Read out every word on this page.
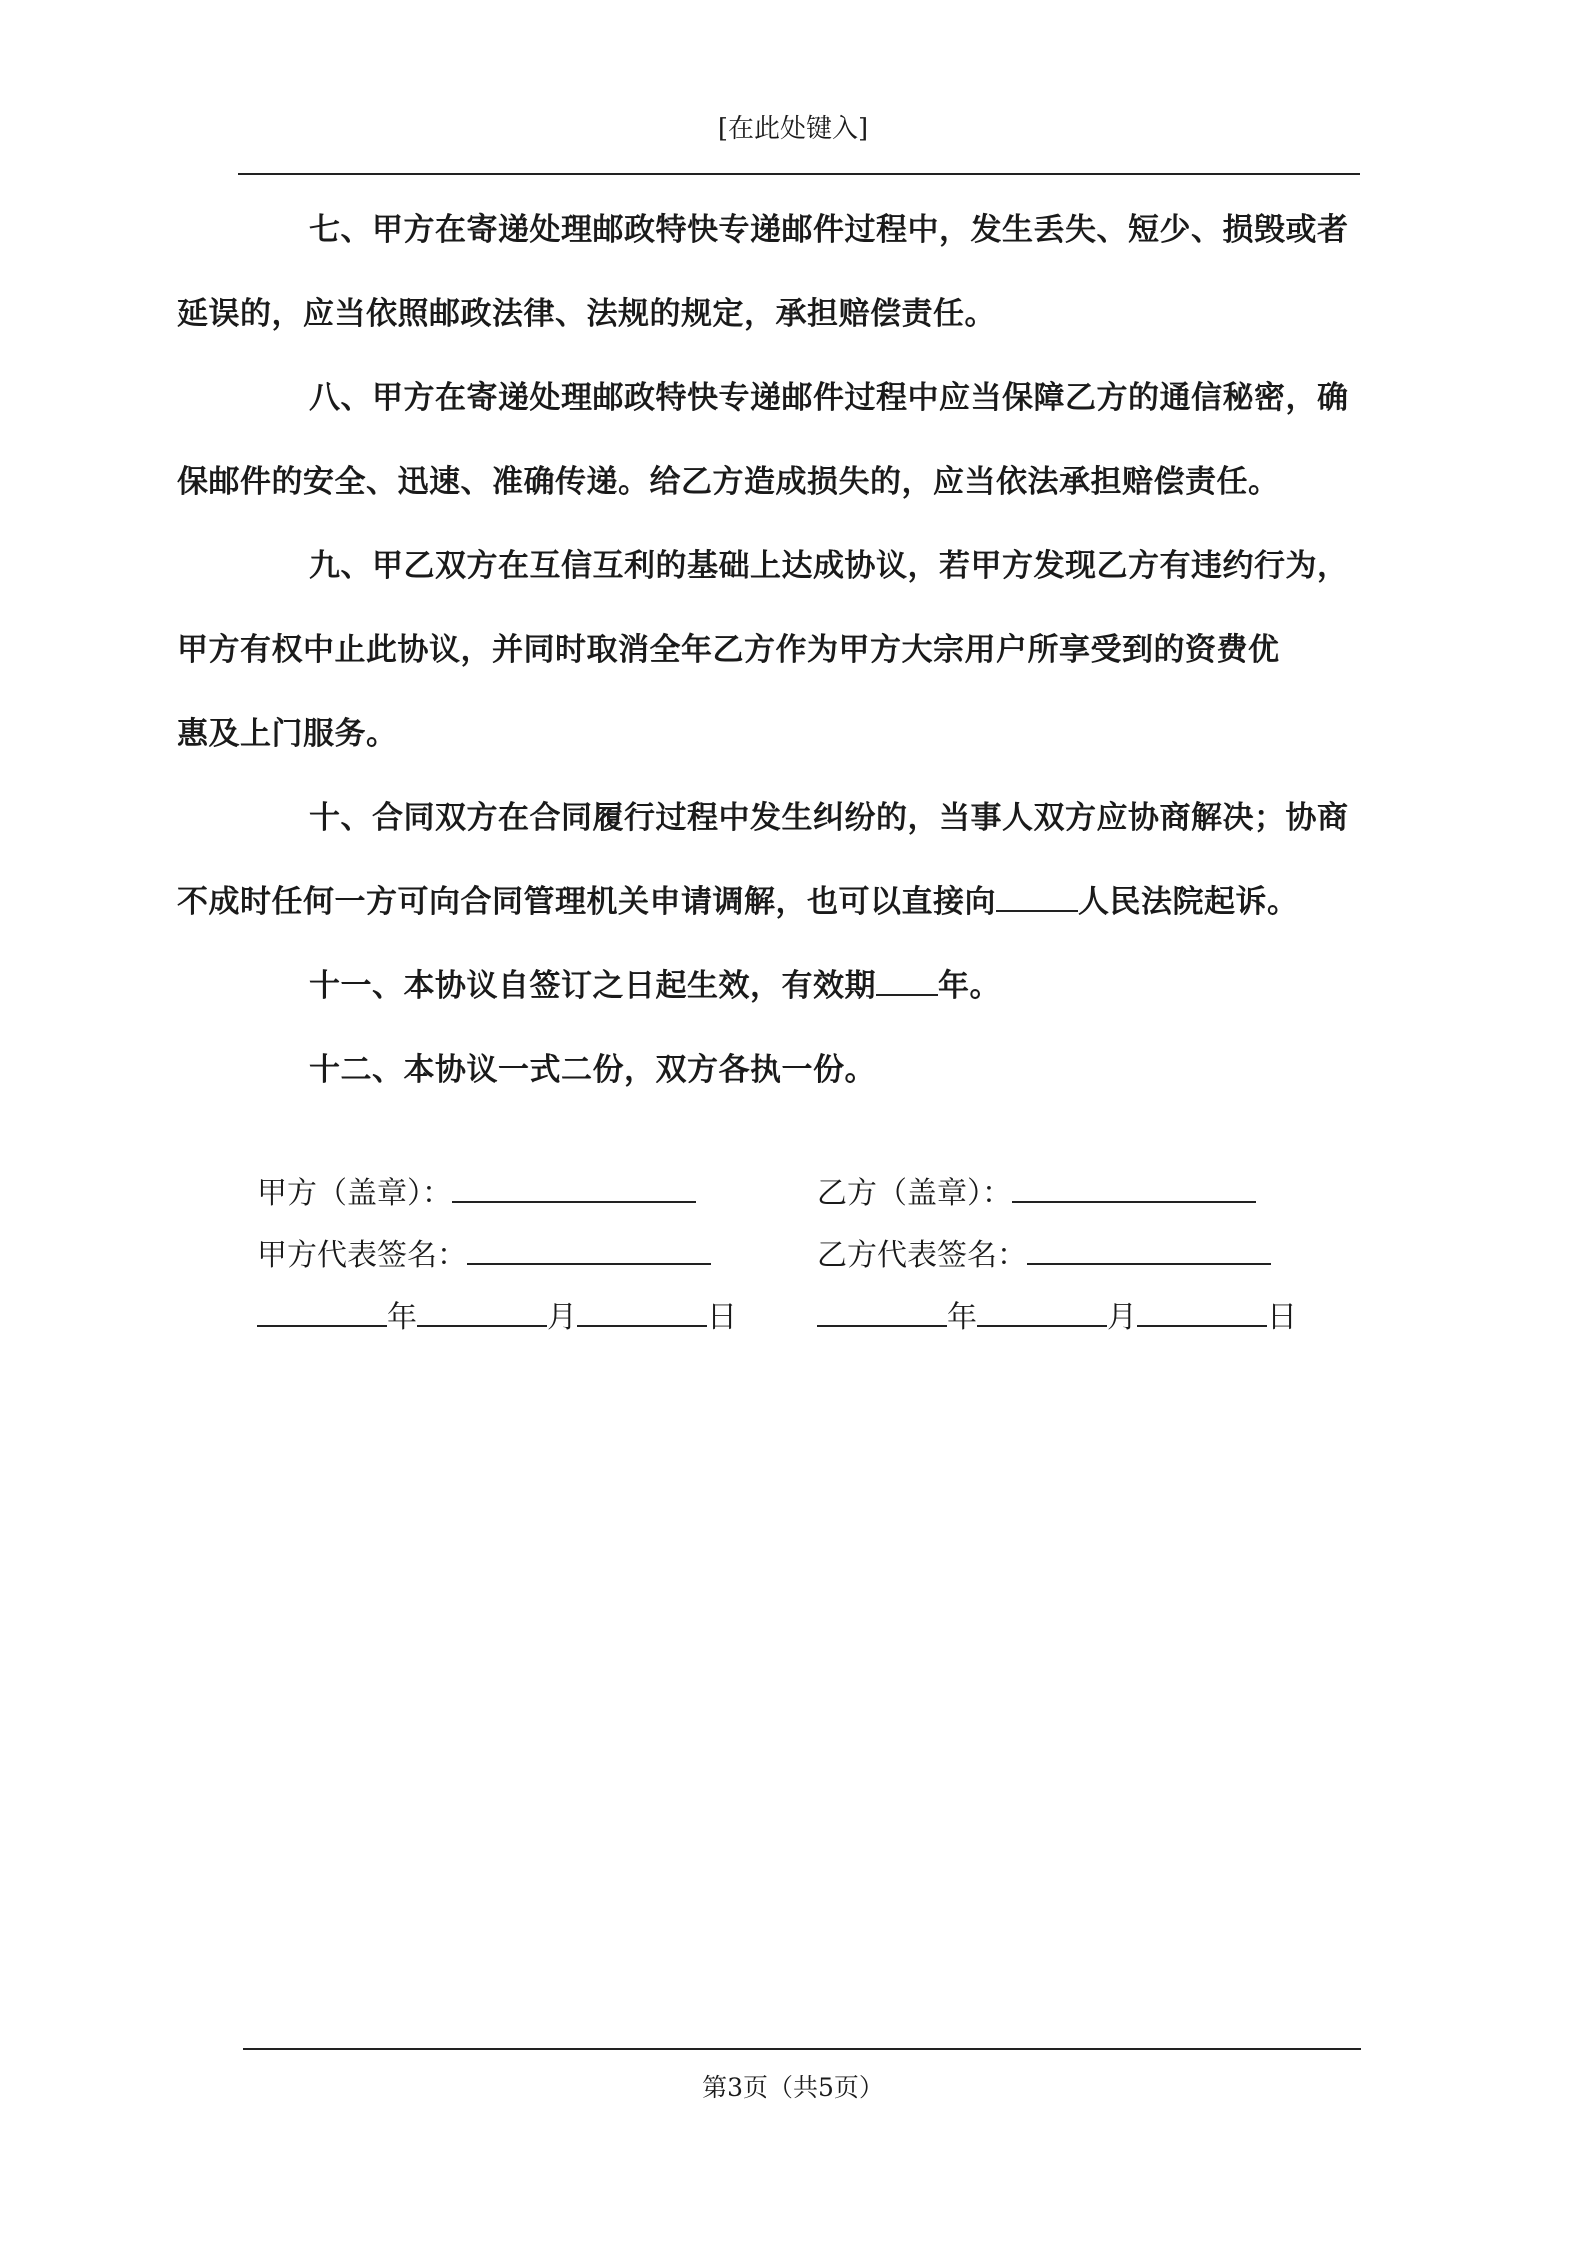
[在此处键入]

七、甲方在寄递处理邮政特快专递邮件过程中，发生丢失、短少、损毁或者
延误的，应当依照邮政法律、法规的规定，承担赔偿责任。

八、甲方在寄递处理邮政特快专递邮件过程中应当保障乙方的通信秘密，确
保邮件的安全、迅速、准确传递。给乙方造成损失的，应当依法承担赔偿责任。

九、甲乙双方在互信互利的基础上达成协议，若甲方发现乙方有违约行为，
甲方有权中止此协议，并同时取消全年乙方作为甲方大宗用户所享受到的资费优
惠及上门服务。

十、合同双方在合同履行过程中发生纠纷的，当事人双方应协商解决；协商
不成时任何一方可向合同管理机关申请调解，也可以直接向	人民法院起诉。

十一、本协议自签订之日起生效，有效期 年。

十二、本协议一式二份，双方各执一份。

甲方（盖章）：	乙方（盖章）：
甲方代表签名：	乙方代表签名：
年	月	日	年	月	日
第3页（共5页）
